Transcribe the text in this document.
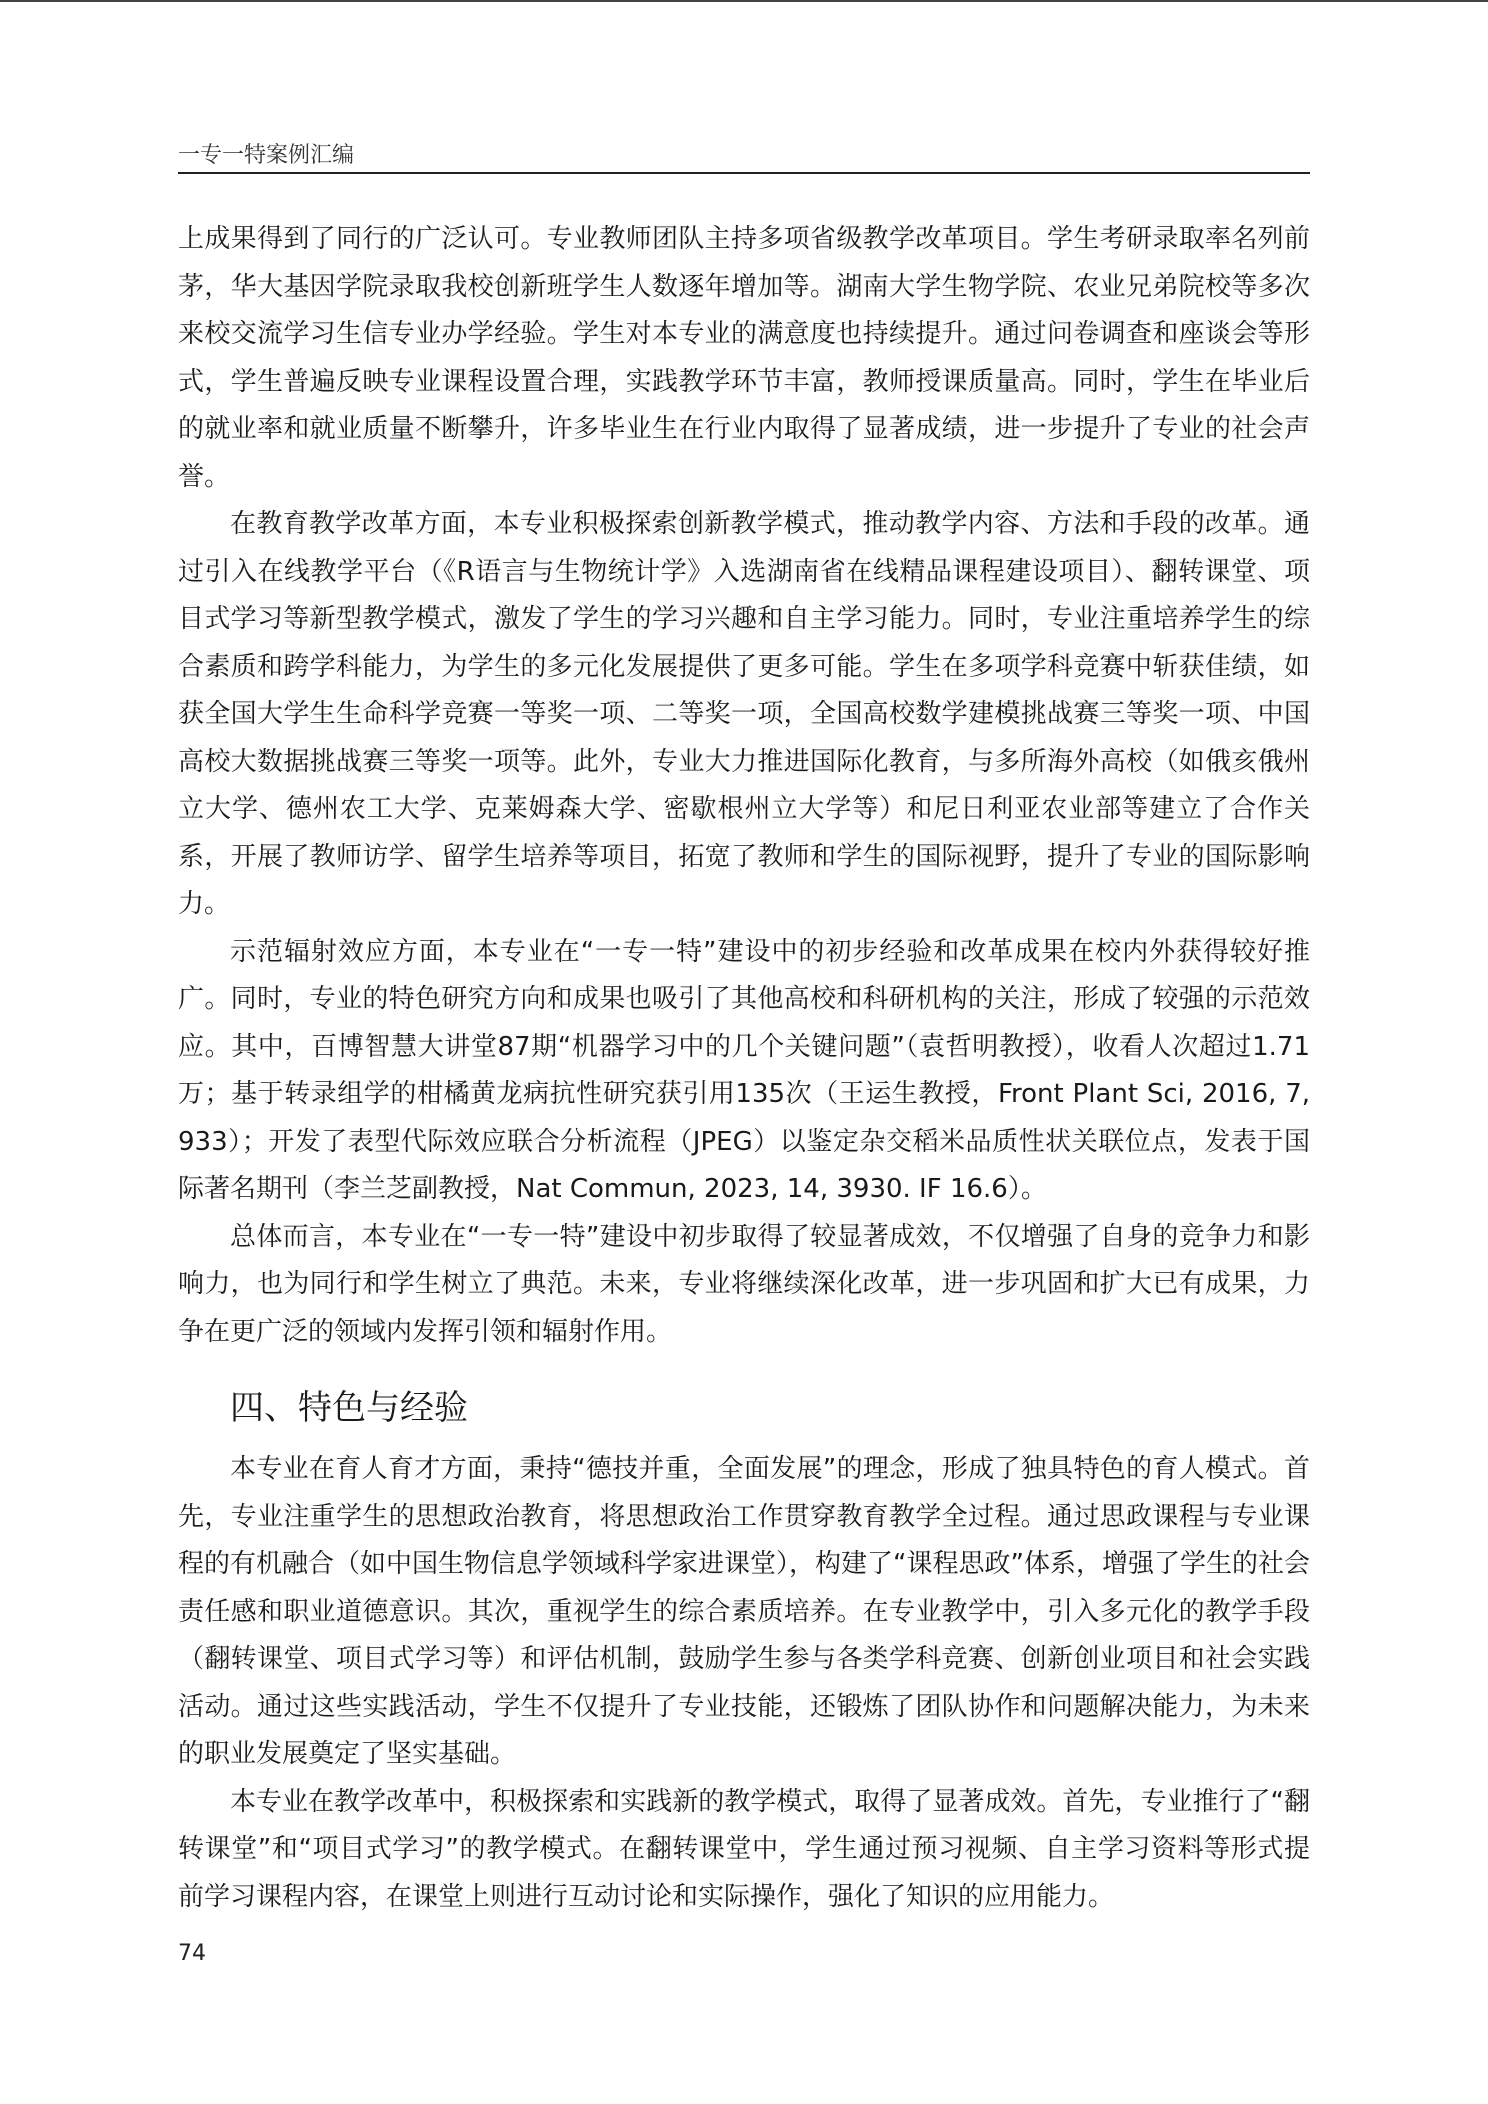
一专一特案例汇编

上成果得到了同行的广泛认可。专业教师团队主持多项省级教学改革项目。学生考研录取率名列前茅，华大基因学院录取我校创新班学生人数逐年增加等。湖南大学生物学院、农业兄弟院校等多次来校交流学习生信专业办学经验。学生对本专业的满意度也持续提升。通过问卷调查和座谈会等形式，学生普遍反映专业课程设置合理，实践教学环节丰富，教师授课质量高。同时，学生在毕业后的就业率和就业质量不断攀升，许多毕业生在行业内取得了显著成绩，进一步提升了专业的社会声誉。

在教育教学改革方面，本专业积极探索创新教学模式，推动教学内容、方法和手段的改革。通过引入在线教学平台（《R语言与生物统计学》入选湖南省在线精品课程建设项目）、翻转课堂、项目式学习等新型教学模式，激发了学生的学习兴趣和自主学习能力。同时，专业注重培养学生的综合素质和跨学科能力，为学生的多元化发展提供了更多可能。学生在多项学科竞赛中斩获佳绩，如获全国大学生生命科学竞赛一等奖一项、二等奖一项，全国高校数学建模挑战赛三等奖一项、中国高校大数据挑战赛三等奖一项等。此外，专业大力推进国际化教育，与多所海外高校（如俄亥俄州立大学、德州农工大学、克莱姆森大学、密歇根州立大学等）和尼日利亚农业部等建立了合作关系，开展了教师访学、留学生培养等项目，拓宽了教师和学生的国际视野，提升了专业的国际影响力。

示范辐射效应方面，本专业在“一专一特”建设中的初步经验和改革成果在校内外获得较好推广。同时，专业的特色研究方向和成果也吸引了其他高校和科研机构的关注，形成了较强的示范效应。其中，百博智慧大讲堂87期“机器学习中的几个关键问题”（袁哲明教授），收看人次超过1.71万；基于转录组学的柑橘黄龙病抗性研究获引用135次（王运生教授，Front Plant Sci, 2016, 7, 933）；开发了表型代际效应联合分析流程（JPEG）以鉴定杂交稻米品质性状关联位点，发表于国际著名期刊（李兰芝副教授，Nat Commun, 2023, 14, 3930. IF 16.6）。

总体而言，本专业在“一专一特”建设中初步取得了较显著成效，不仅增强了自身的竞争力和影响力，也为同行和学生树立了典范。未来，专业将继续深化改革，进一步巩固和扩大已有成果，力争在更广泛的领域内发挥引领和辐射作用。

四、特色与经验

本专业在育人育才方面，秉持“德技并重，全面发展”的理念，形成了独具特色的育人模式。首先，专业注重学生的思想政治教育，将思想政治工作贯穿教育教学全过程。通过思政课程与专业课程的有机融合（如中国生物信息学领域科学家进课堂），构建了“课程思政”体系，增强了学生的社会责任感和职业道德意识。其次，重视学生的综合素质培养。在专业教学中，引入多元化的教学手段（翻转课堂、项目式学习等）和评估机制，鼓励学生参与各类学科竞赛、创新创业项目和社会实践活动。通过这些实践活动，学生不仅提升了专业技能，还锻炼了团队协作和问题解决能力，为未来的职业发展奠定了坚实基础。

本专业在教学改革中，积极探索和实践新的教学模式，取得了显著成效。首先，专业推行了“翻转课堂”和“项目式学习”的教学模式。在翻转课堂中，学生通过预习视频、自主学习资料等形式提前学习课程内容，在课堂上则进行互动讨论和实际操作，强化了知识的应用能力。

74
